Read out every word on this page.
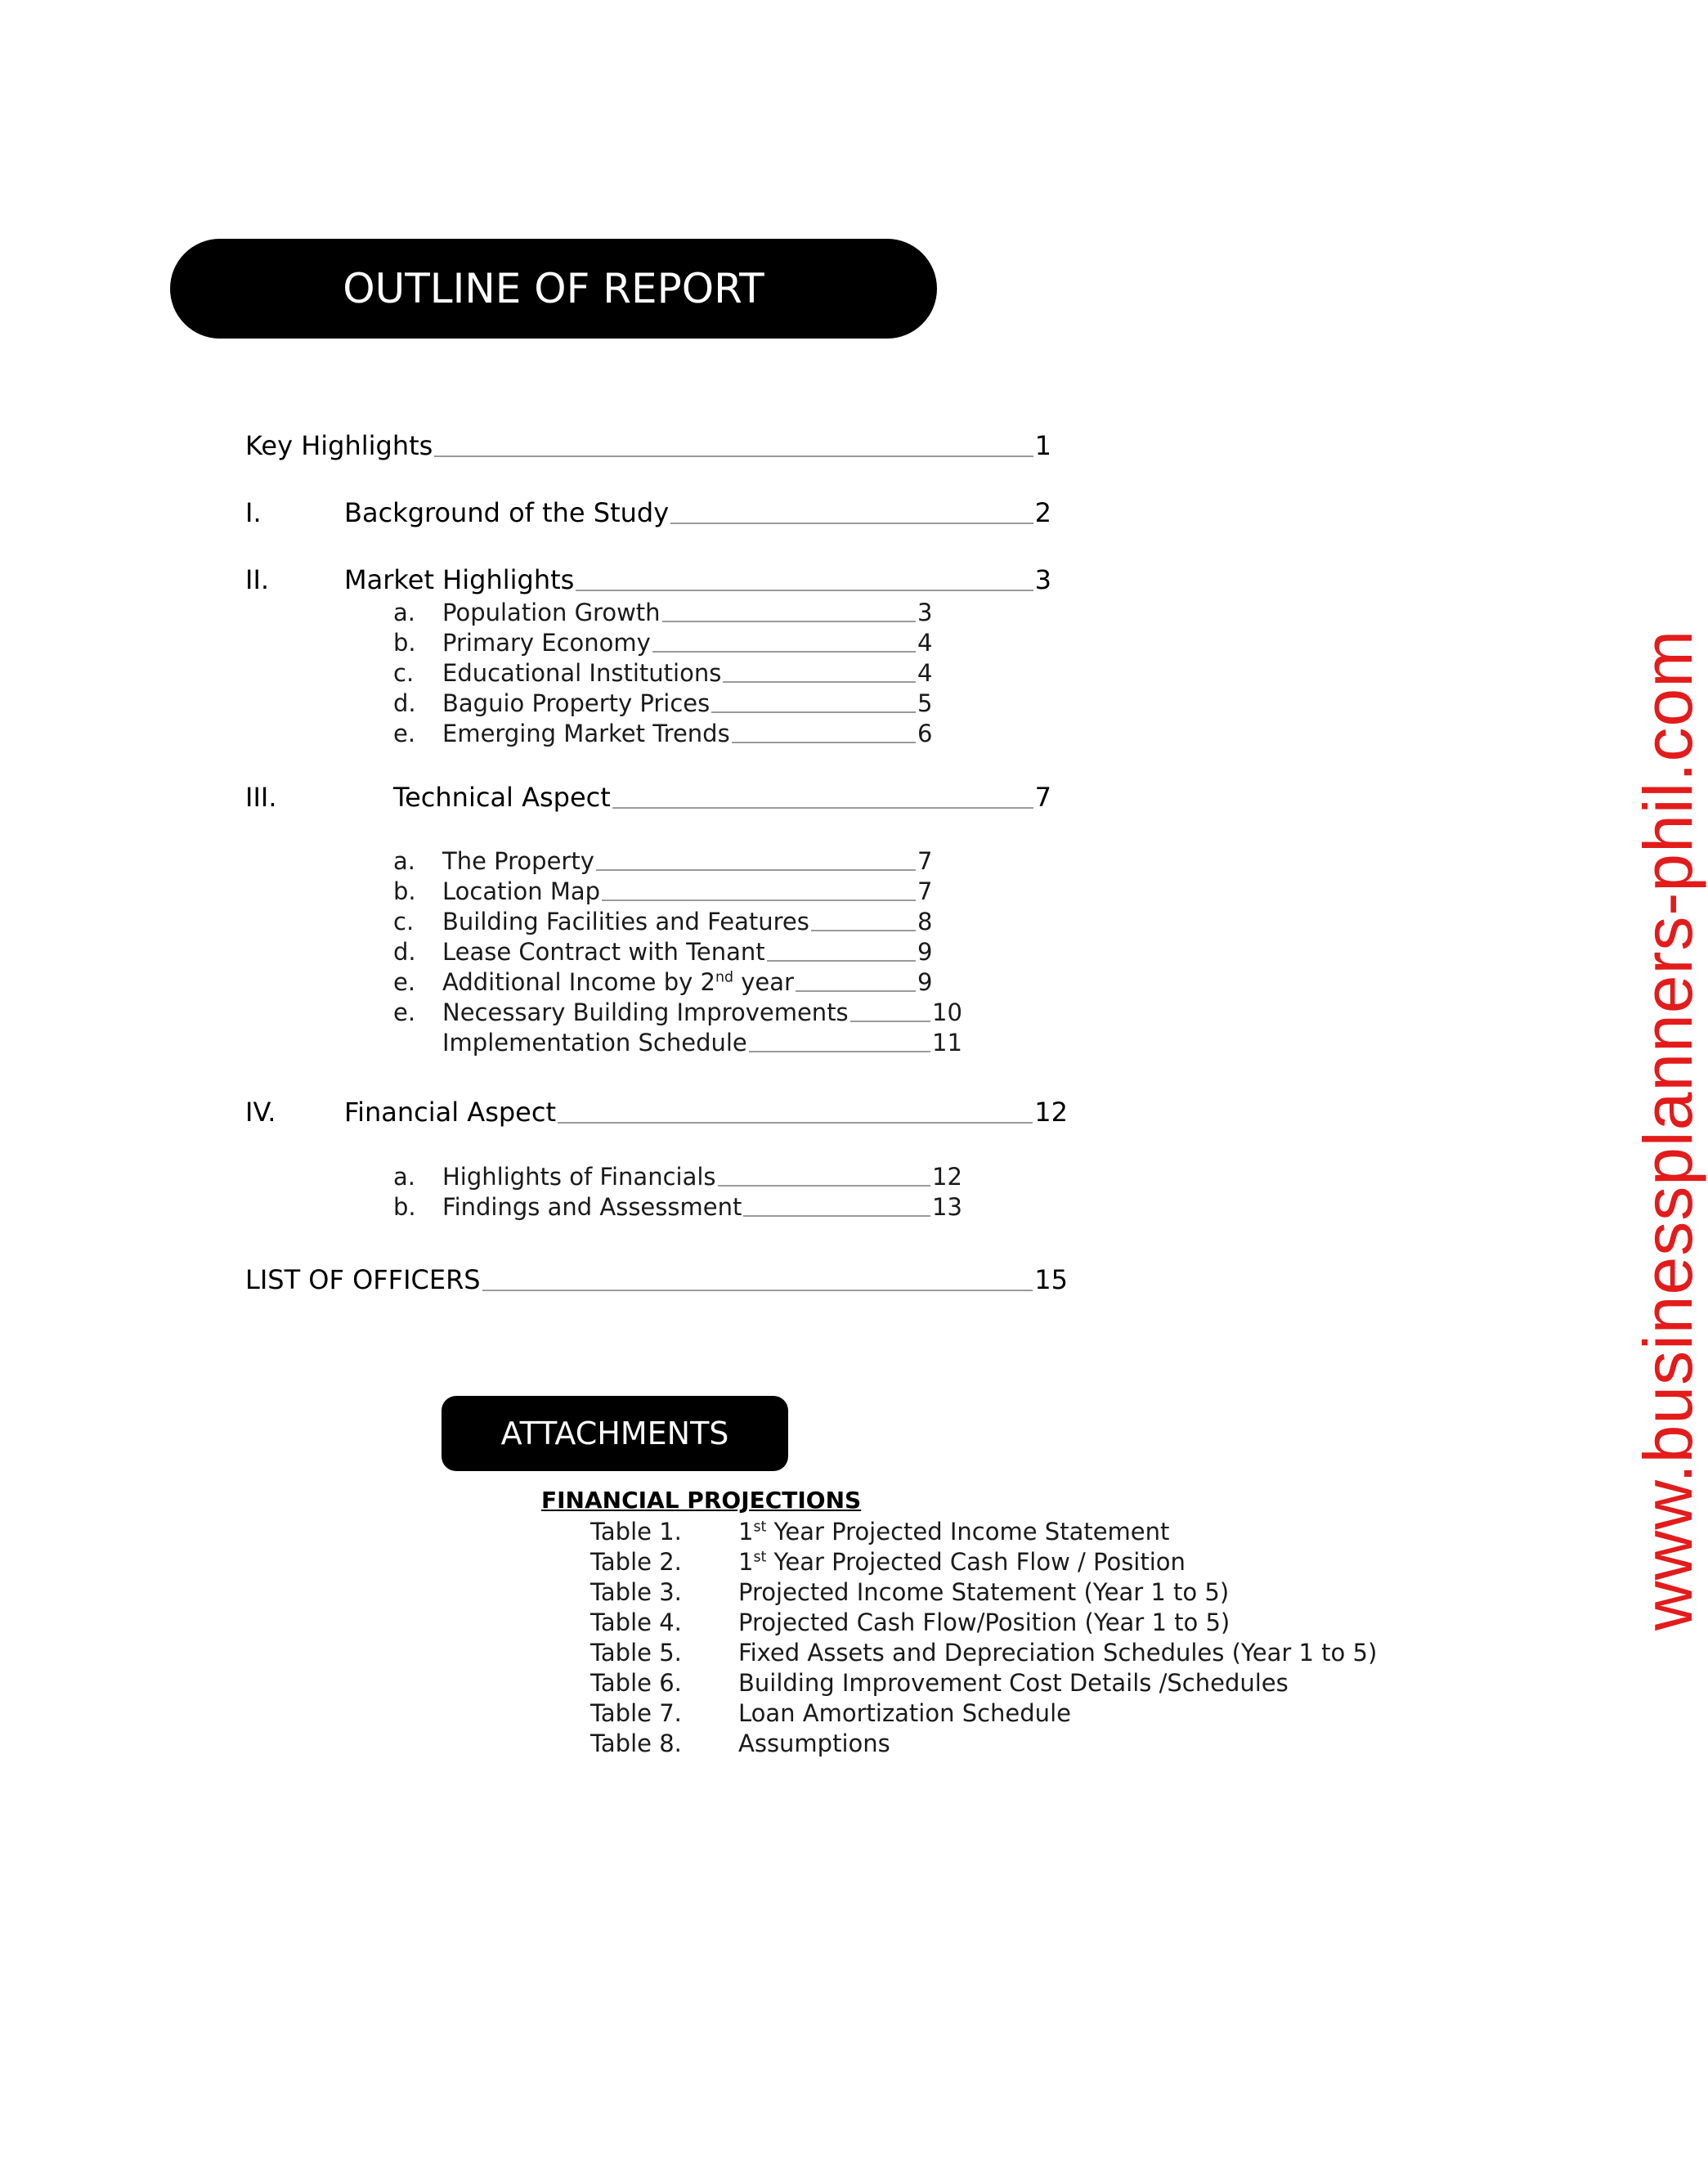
OUTLINE OF REPORT
Key Highlights	1
I.	Background of the Study	2
II.	Market Highlights	3
a. Population Growth	3
b. Primary Economy	4
c. Educational Institutions	4
d. Baguio Property Prices	5
e. Emerging Market Trends	6
III.	Technical Aspect	7
a. The Property	7
b. Location Map	7
c. Building Facilities and Features	8
d. Lease Contract with Tenant	9
e. Additional Income by 2nd year	9
e. Necessary Building Improvements	10
Implementation Schedule	11
IV.	Financial Aspect	12
a. Highlights of Financials	12
b. Findings and Assessment	13
LIST OF OFFICERS	15
ATTACHMENTS
FINANCIAL PROJECTIONS
Table 1. 1st Year Projected Income Statement
Table 2. 1st Year Projected Cash Flow / Position
Table 3. Projected Income Statement (Year 1 to 5)
Table 4. Projected Cash Flow/Position (Year 1 to 5)
Table 5. Fixed Assets and Depreciation Schedules (Year 1 to 5)
Table 6. Building Improvement Cost Details /Schedules
Table 7. Loan Amortization Schedule
Table 8. Assumptions
www.businessplanners-phil.com
